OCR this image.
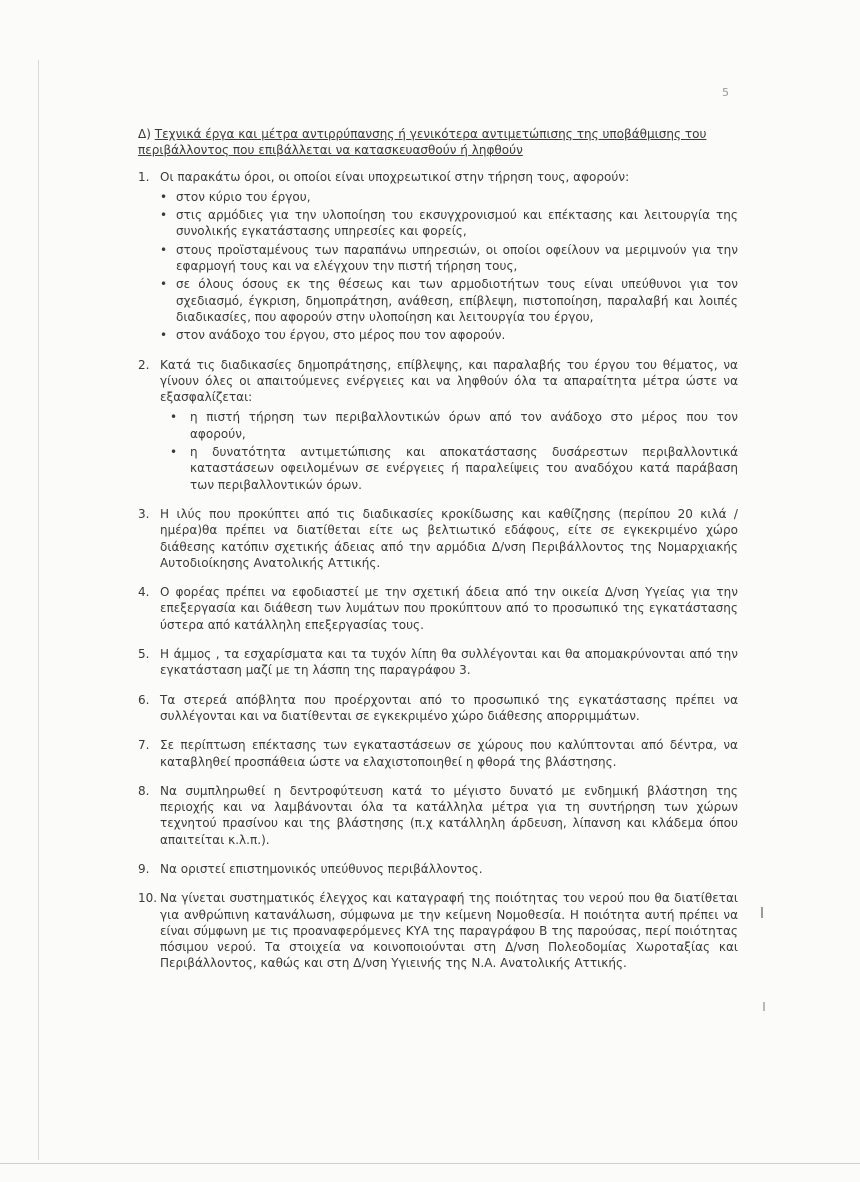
5

Δ) Τεχνικά έργα και μέτρα αντιρρύπανσης ή γενικότερα αντιμετώπισης της υποβάθμισης του περιβάλλοντος που επιβάλλεται να κατασκευασθούν ή ληφθούν

1. Οι παρακάτω όροι, οι οποίοι είναι υποχρεωτικοί στην τήρηση τους, αφορούν:
• στον κύριο του έργου,
• στις αρμόδιες για την υλοποίηση του εκσυγχρονισμού και επέκτασης και λειτουργία της συνολικής εγκατάστασης υπηρεσίες και φορείς,
• στους προϊσταμένους των παραπάνω υπηρεσιών, οι οποίοι οφείλουν να μεριμνούν για την εφαρμογή τους και να ελέγχουν την πιστή τήρηση τους,
• σε όλους όσους εκ της θέσεως και των αρμοδιοτήτων τους είναι υπεύθυνοι για τον σχεδιασμό, έγκριση, δημοπράτηση, ανάθεση, επίβλεψη, πιστοποίηση, παραλαβή και λοιπές διαδικασίες, που αφορούν στην υλοποίηση και λειτουργία του έργου,
• στον ανάδοχο του έργου, στο μέρος που τον αφορούν.
2. Κατά τις διαδικασίες δημοπράτησης, επίβλεψης, και παραλαβής του έργου του θέματος, να γίνουν όλες οι απαιτούμενες ενέργειες και να ληφθούν όλα τα απαραίτητα μέτρα ώστε να εξασφαλίζεται:
• η πιστή τήρηση των περιβαλλοντικών όρων από τον ανάδοχο στο μέρος που τον αφορούν,
• η δυνατότητα αντιμετώπισης και αποκατάστασης δυσάρεστων περιβαλλοντικά καταστάσεων οφειλομένων σε ενέργειες ή παραλείψεις του αναδόχου κατά παράβαση των περιβαλλοντικών όρων.
3. Η ιλύς που προκύπτει από τις διαδικασίες κροκίδωσης και καθίζησης (περίπου 20 κιλά /ημέρα)θα πρέπει να διατίθεται είτε ως βελτιωτικό εδάφους, είτε σε εγκεκριμένο χώρο διάθεσης κατόπιν σχετικής άδειας από την αρμόδια Δ/νση Περιβάλλοντος της Νομαρχιακής Αυτοδιοίκησης Ανατολικής Αττικής.
4. Ο φορέας πρέπει να εφοδιαστεί με την σχετική άδεια από την οικεία Δ/νση Υγείας για την επεξεργασία και διάθεση των λυμάτων που προκύπτουν από το προσωπικό της εγκατάστασης ύστερα από κατάλληλη επεξεργασίας τους.
5. Η άμμος , τα εσχαρίσματα και τα τυχόν λίπη θα συλλέγονται και θα απομακρύνονται από την εγκατάσταση μαζί με τη λάσπη της παραγράφου 3.
6. Τα στερεά απόβλητα που προέρχονται από το προσωπικό της εγκατάστασης πρέπει να συλλέγονται και να διατίθενται σε εγκεκριμένο χώρο διάθεσης απορριμμάτων.
7. Σε περίπτωση επέκτασης των εγκαταστάσεων σε χώρους που καλύπτονται από δέντρα, να καταβληθεί προσπάθεια ώστε να ελαχιστοποιηθεί η φθορά της βλάστησης.
8. Να συμπληρωθεί η δεντροφύτευση κατά το μέγιστο δυνατό με ενδημική βλάστηση της περιοχής και να λαμβάνονται όλα τα κατάλληλα μέτρα για τη συντήρηση των χώρων τεχνητού πρασίνου και της βλάστησης (π.χ κατάλληλη άρδευση, λίπανση και κλάδεμα όπου απαιτείται κ.λ.π.).
9. Να οριστεί επιστημονικός υπεύθυνος περιβάλλοντος.
10. Να γίνεται συστηματικός έλεγχος και καταγραφή της ποιότητας του νερού που θα διατίθεται για ανθρώπινη κατανάλωση, σύμφωνα με την κείμενη Νομοθεσία. Η ποιότητα αυτή πρέπει να είναι σύμφωνη με τις προαναφερόμενες ΚΥΑ της παραγράφου Β της παρούσας, περί ποιότητας πόσιμου νερού. Τα στοιχεία να κοινοποιούνται στη Δ/νση Πολεοδομίας Χωροταξίας και Περιβάλλοντος, καθώς και στη Δ/νση Υγιεινής της Ν.Α. Ανατολικής Αττικής.
